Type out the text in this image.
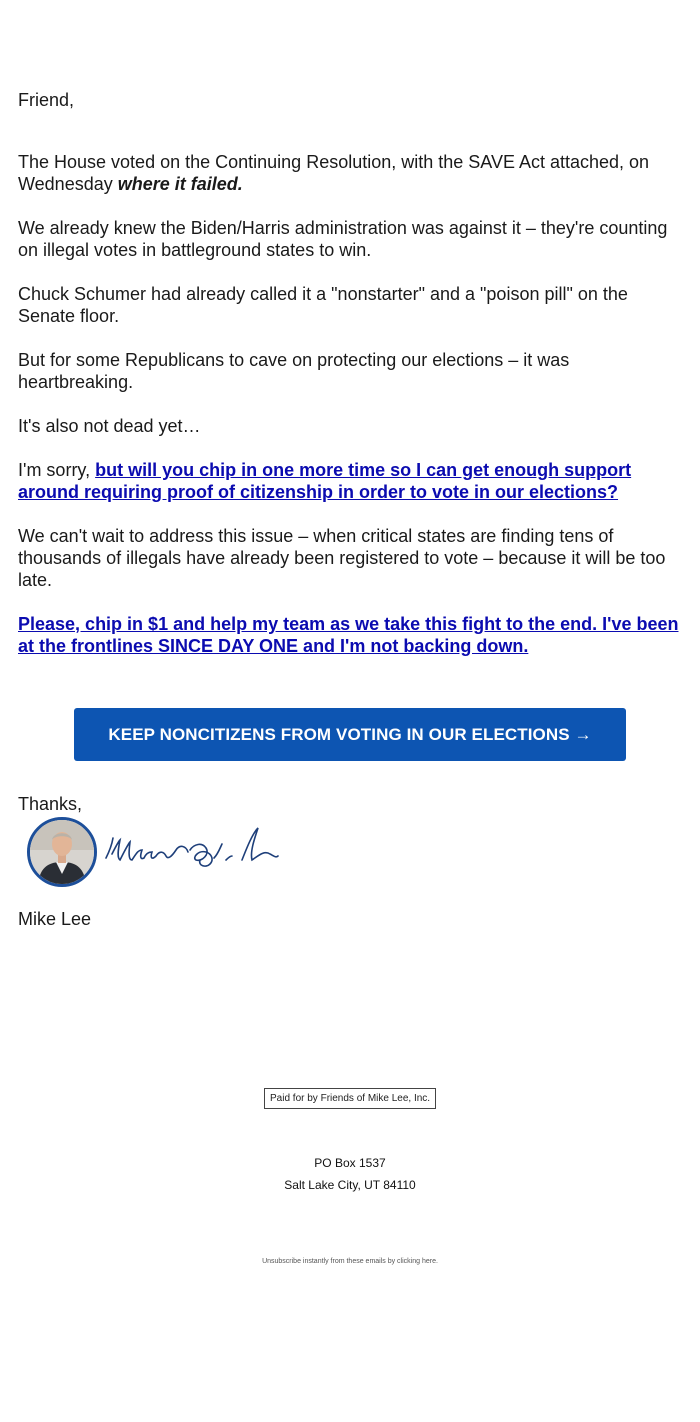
Friend,

The House voted on the Continuing Resolution, with the SAVE Act attached, on Wednesday where it failed.

We already knew the Biden/Harris administration was against it – they're counting on illegal votes in battleground states to win.

Chuck Schumer had already called it a "nonstarter" and a "poison pill" on the Senate floor.

But for some Republicans to cave on protecting our elections – it was heartbreaking.

It's also not dead yet…

I'm sorry, but will you chip in one more time so I can get enough support around requiring proof of citizenship in order to vote in our elections?

We can't wait to address this issue – when critical states are finding tens of thousands of illegals have already been registered to vote – because it will be too late.

Please, chip in $1 and help my team as we take this fight to the end. I've been at the frontlines SINCE DAY ONE and I'm not backing down.

KEEP NONCITIZENS FROM VOTING IN OUR ELECTIONS →
Thanks,
Mike Lee
Paid for by Friends of Mike Lee, Inc.
PO Box 1537
Salt Lake City, UT 84110
Unsubscribe instantly from these emails by clicking here.
